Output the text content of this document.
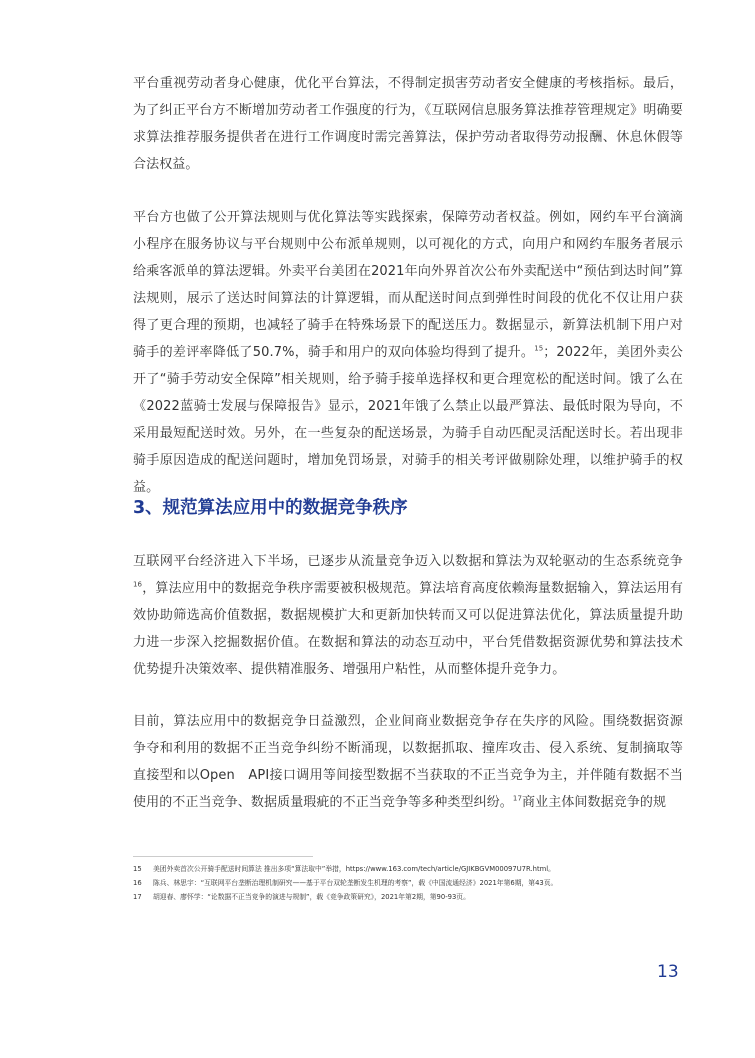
平台重视劳动者身心健康，优化平台算法，不得制定损害劳动者安全健康的考核指标。最后，为了纠正平台方不断增加劳动者工作强度的行为，《互联网信息服务算法推荐管理规定》明确要求算法推荐服务提供者在进行工作调度时需完善算法，保护劳动者取得劳动报酬、休息休假等合法权益。

平台方也做了公开算法规则与优化算法等实践探索，保障劳动者权益。例如，网约车平台滴滴小程序在服务协议与平台规则中公布派单规则，以可视化的方式，向用户和网约车服务者展示给乘客派单的算法逻辑。外卖平台美团在2021年向外界首次公布外卖配送中“预估到达时间”算法规则，展示了送达时间算法的计算逻辑，而从配送时间点到弹性时间段的优化不仅让用户获得了更合理的预期，也减轻了骑手在特殊场景下的配送压力。数据显示，新算法机制下用户对骑手的差评率降低了50.7%，骑手和用户的双向体验均得到了提升。$^{15}$；2022年，美团外卖公开了“骑手劳动安全保障”相关规则，给予骑手接单选择权和更合理宽松的配送时间。饿了么在《2022蓝骑士发展与保障报告》显示，2021年饿了么禁止以最严算法、最低时限为导向，不采用最短配送时效。另外，在一些复杂的配送场景，为骑手自动匹配灵活配送时长。若出现非骑手原因造成的配送问题时，增加免罚场景，对骑手的相关考评做剔除处理，以维护骑手的权益。

3、规范算法应用中的数据竞争秩序

互联网平台经济进入下半场，已逐步从流量竞争迈入以数据和算法为双轮驱动的生态系统竞争$^{16}$，算法应用中的数据竞争秩序需要被积极规范。算法培育高度依赖海量数据输入，算法运用有效协助筛选高价值数据，数据规模扩大和更新加快转而又可以促进算法优化，算法质量提升助力进一步深入挖掘数据价值。在数据和算法的动态互动中，平台凭借数据资源优势和算法技术优势提升决策效率、提供精准服务、增强用户粘性，从而整体提升竞争力。

目前，算法应用中的数据竞争日益激烈，企业间商业数据竞争存在失序的风险。围绕数据资源争夺和利用的数据不正当竞争纠纷不断涌现，以数据抓取、撞库攻击、侵入系统、复制摘取等直接型和以Open　API接口调用等间接型数据不当获取的不正当竞争为主，并伴随有数据不当使用的不正当竞争、数据质量瑕疵的不正当竞争等多种类型纠纷。$^{17}$商业主体间数据竞争的规

15 美团外卖首次公开骑手配送时间算法 推出多项“算法取中”举措，https://www.163.com/tech/article/GJIKBGVM00097U7R.html。
16 陈兵、林思宇：“互联网平台垄断治理机制研究——基于平台双轮垄断发生机理的考察”，载《中国流通经济》2021年第6期，第43页。
17 胡迎春、廖怀学：“论数据不正当竞争的演进与规制”，载《竞争政策研究》，2021年第2期，第90-93页。
13
